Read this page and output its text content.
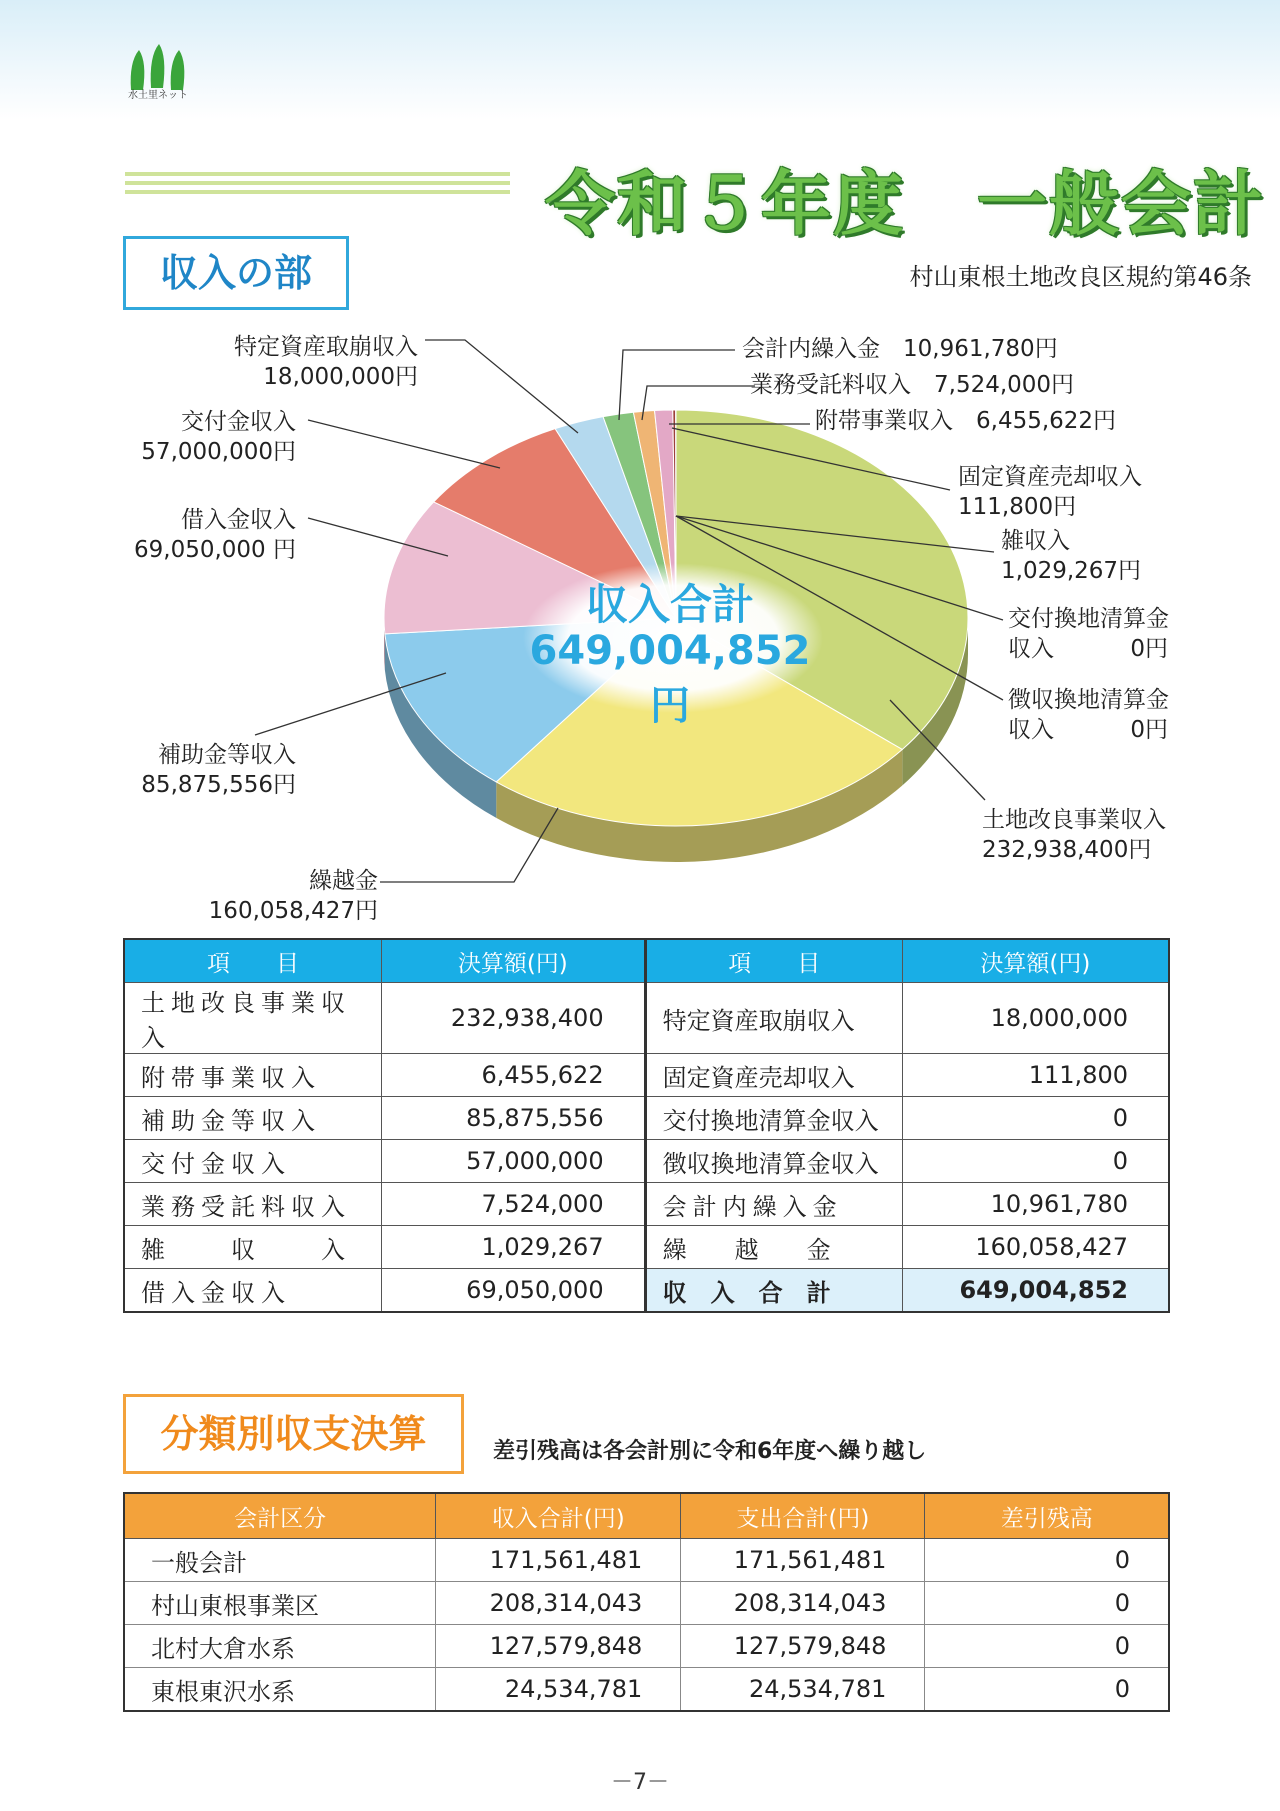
水土里ネット
令和５年度　一般会計
収入の部	村山東根土地改良区規約第46条
特定資産取崩収入
18,000,000円
交付金収入
57,000,000円
借入金収入
69,050,000 円
補助金等収入
85,875,556円
繰越金
160,058,427円
会計内繰入金　 10,961,780円
業務受託料収入　 7,524,000円
附帯事業収入　 6,455,622円
固定資産売却収入
111,800円
雑収入
1,029,267円
交付換地清算金
収入	0円
徴収換地清算金
収入	0円
土地改良事業収入
232,938,400円
収入合計
649,004,852円
項　　目	決算額(円)	項　　目	決算額(円)
土地改良事業収入	232,938,400	特定資産取崩収入	18,000,000
附帯事業収入	6,455,622	固定資産売却収入	111,800
補助金等収入	85,875,556	交付換地清算金収入	0
交付金収入	57,000,000	徴収換地清算金収入	0
業務受託料収入	7,524,000	会計内繰入金	10,961,780
雑　　収　　入	1,029,267	繰　　越　　金	160,058,427
借入金収入	69,050,000	収　入　合　計	649,004,852
分類別収支決算	差引残高は各会計別に令和6年度へ繰り越し
会計区分	収入合計(円)	支出合計(円)	差引残高
一般会計	171,561,481	171,561,481	0
村山東根事業区	208,314,043	208,314,043	0
北村大倉水系	127,579,848	127,579,848	0
東根東沢水系	24,534,781	24,534,781	0
－7－
